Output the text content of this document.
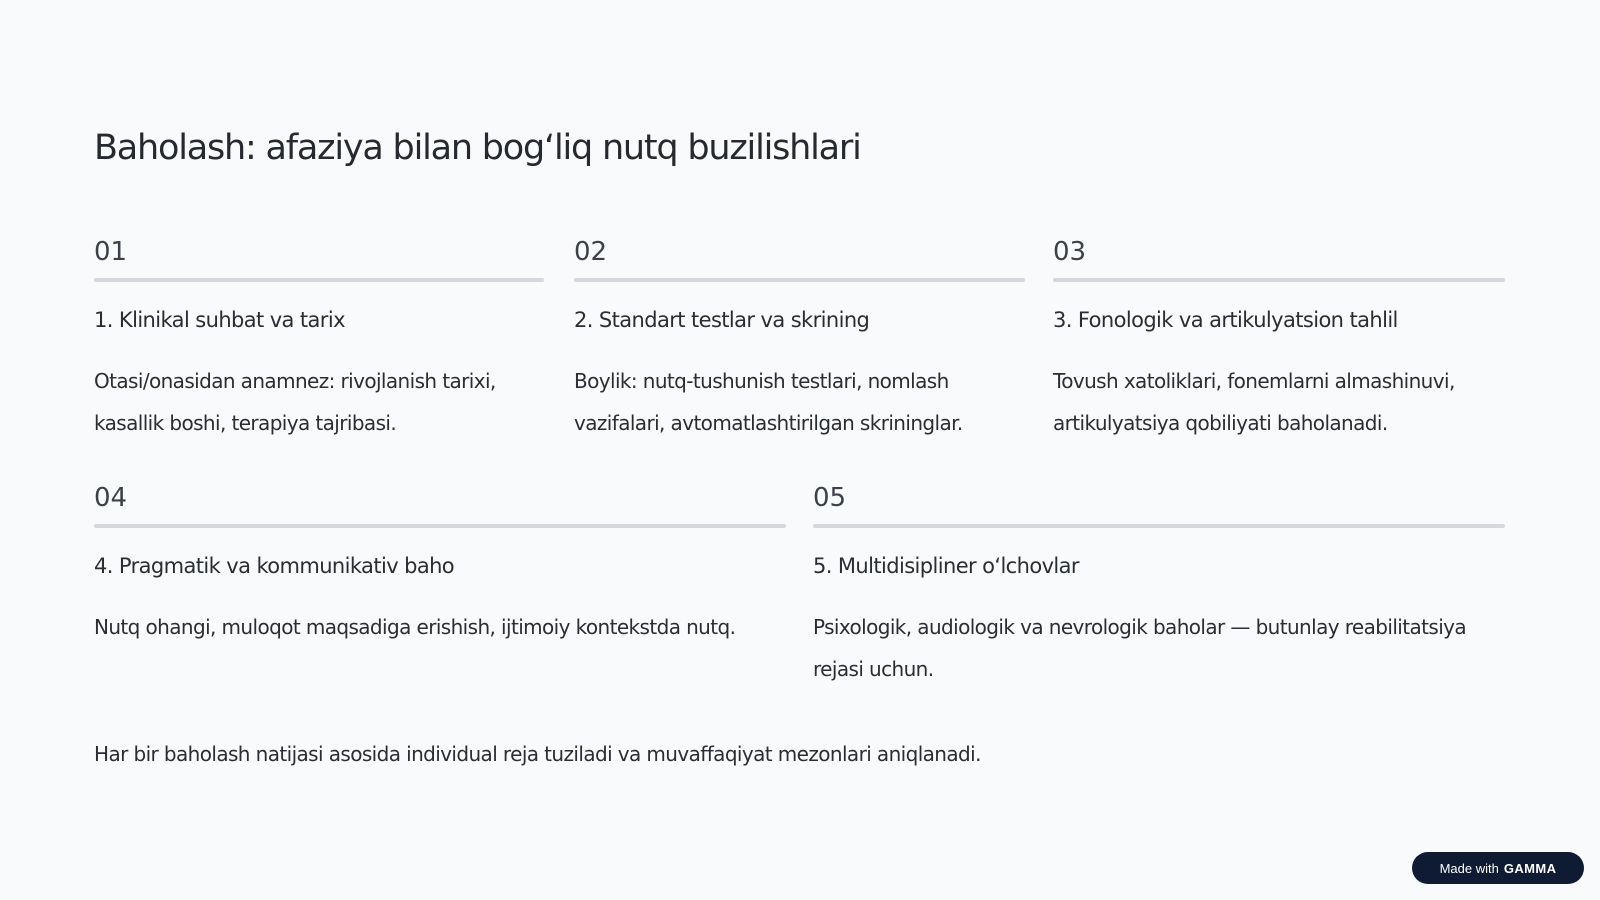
Baholash: afaziya bilan bog‘liq nutq buzilishlari
01
1. Klinikal suhbat va tarix
Otasi/onasidan anamnez: rivojlanish tarixi, kasallik boshi, terapiya tajribasi.
02
2. Standart testlar va skrining
Boylik: nutq-tushunish testlari, nomlash vazifalari, avtomatlashtirilgan skrininglаr.
03
3. Fonologik va artikulyatsion tahlil
Tovush xatoliklari, fonemlarni almashinuvi, artikulyatsiya qobiliyati baholanadi.
04
4. Pragmatik va kommunikativ baho
Nutq ohangi, muloqot maqsadiga erishish, ijtimoiy kontekstda nutq.
05
5. Multidisipliner o‘lchovlar
Psixologik, audiologik va nevrologik baholar — butunlay reabilitatsiya rejasi uchun.
Har bir baholash natijasi asosida individual reja tuziladi va muvaffaqiyat mezonlari aniqlanadi.
Made with GAMMA
